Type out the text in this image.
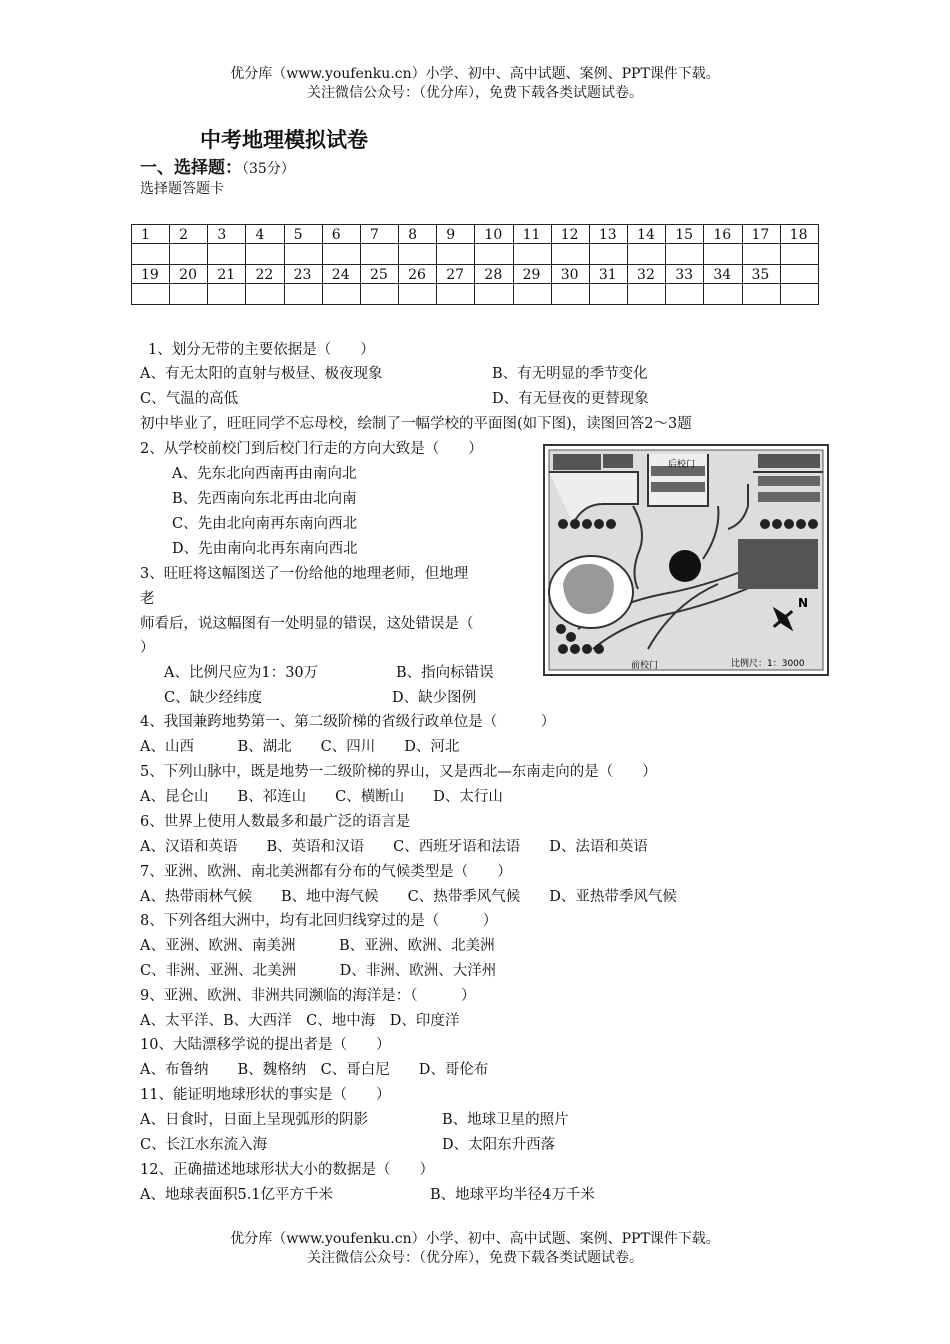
优分库（www.youfenku.cn）小学、初中、高中试题、案例、PPT课件下载。
关注微信公众号：（优分库），免费下载各类试题试卷。
中考地理模拟试卷
一、选择题：（35分）
选择题答题卡
1	2	3	4	5	6	7	8	9	10	11	12	13	14	15	16	17	18

19	20	21	22	23	24	25	26	27	28	29	30	31	32	33	34	35	

1、划分无带的主要依据是（　　）
A、有无太阳的直射与极昼、极夜现象	B、有无明显的季节变化
C、气温的高低	D、有无昼夜的更替现象
初中毕业了，旺旺同学不忘母校，绘制了一幅学校的平面图(如下图)，读图回答2～3题
2、从学校前校门到后校门行走的方向大致是（　　）
A、先东北向西南再由南向北
B、先西南向东北再由北向南
C、先由北向南再东南向西北
D、先由南向北再东南向西北
3、旺旺将这幅图送了一份给他的地理老师，但地理
老
师看后，说这幅图有一处明显的错误，这处错误是（
）
A、比例尺应为1：30万	B、指向标错误
C、缺少经纬度	D、缺少图例
4、我国兼跨地势第一、第二级阶梯的省级行政单位是（　　　）
A、山西　　　B、湖北　　C、四川　　D、河北
5、下列山脉中，既是地势一二级阶梯的界山，又是西北—东南走向的是（　　）
A、昆仑山　　B、祁连山　　C、横断山　　D、太行山
6、世界上使用人数最多和最广泛的语言是
A、汉语和英语　　B、英语和汉语　　C、西班牙语和法语　　D、法语和英语
7、亚洲、欧洲、南北美洲都有分布的气候类型是（　　）
A、热带雨林气候　　B、地中海气候　　C、热带季风气候　　D、亚热带季风气候
8、下列各组大洲中，均有北回归线穿过的是（　　　）
A、亚洲、欧洲、南美洲　　　B、亚洲、欧洲、北美洲
C、非洲、亚洲、北美洲　　　D、非洲、欧洲、大洋州
9、亚洲、欧洲、非洲共同濒临的海洋是：（　　　）
A、太平洋、B、大西洋　C、地中海　D、印度洋
10、大陆漂移学说的提出者是（　　）
A、布鲁纳　　B、魏格纳　C、哥白尼　　D、哥伦布
11、能证明地球形状的事实是（　　）
A、日食时，日面上呈现弧形的阴影	B、地球卫星的照片
C、长江水东流入海	D、太阳东升西落
12、正确描述地球形状大小的数据是（　　）
A、地球表面积5.1亿平方千米	B、地球平均半径4万千米
N
后校门
前校门	比例尺：1：3000
优分库（www.youfenku.cn）小学、初中、高中试题、案例、PPT课件下载。
关注微信公众号：（优分库），免费下载各类试题试卷。
